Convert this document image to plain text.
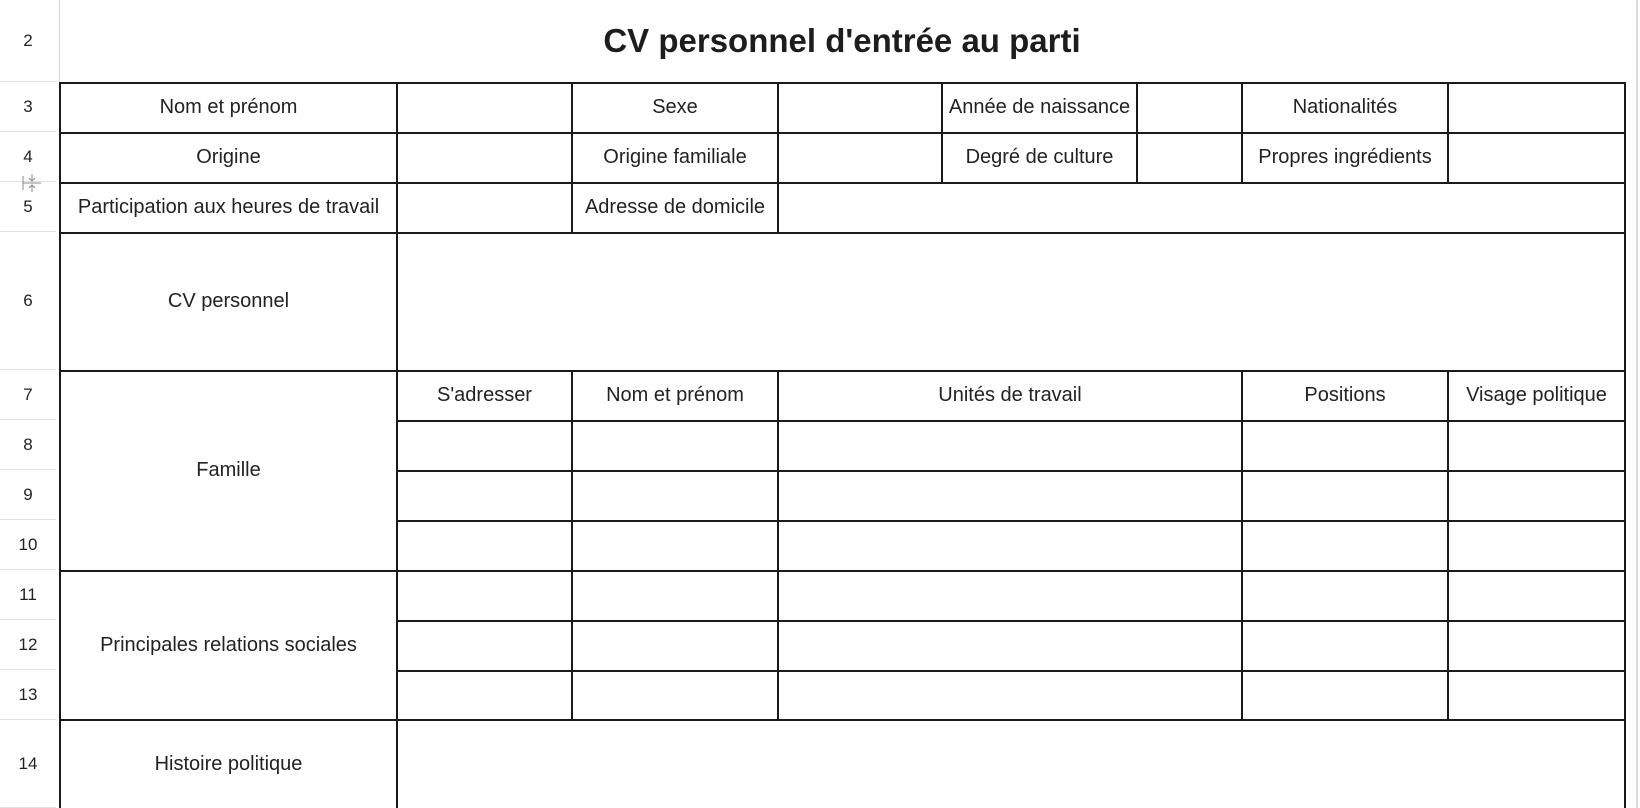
2
3
4
5
6
7
8
9
10
11
12
13
14
CV personnel d'entrée au parti
Nom et prénom	Sexe	Année de naissance	Nationalités
Origine	Origine familiale	Degré de culture	Propres ingrédients
Participation aux heures de travail	Adresse de domicile
CV personnel
Famille
S'adresser	Nom et prénom	Unités de travail	Positions	Visage politique
Principales relations sociales
Histoire politique
